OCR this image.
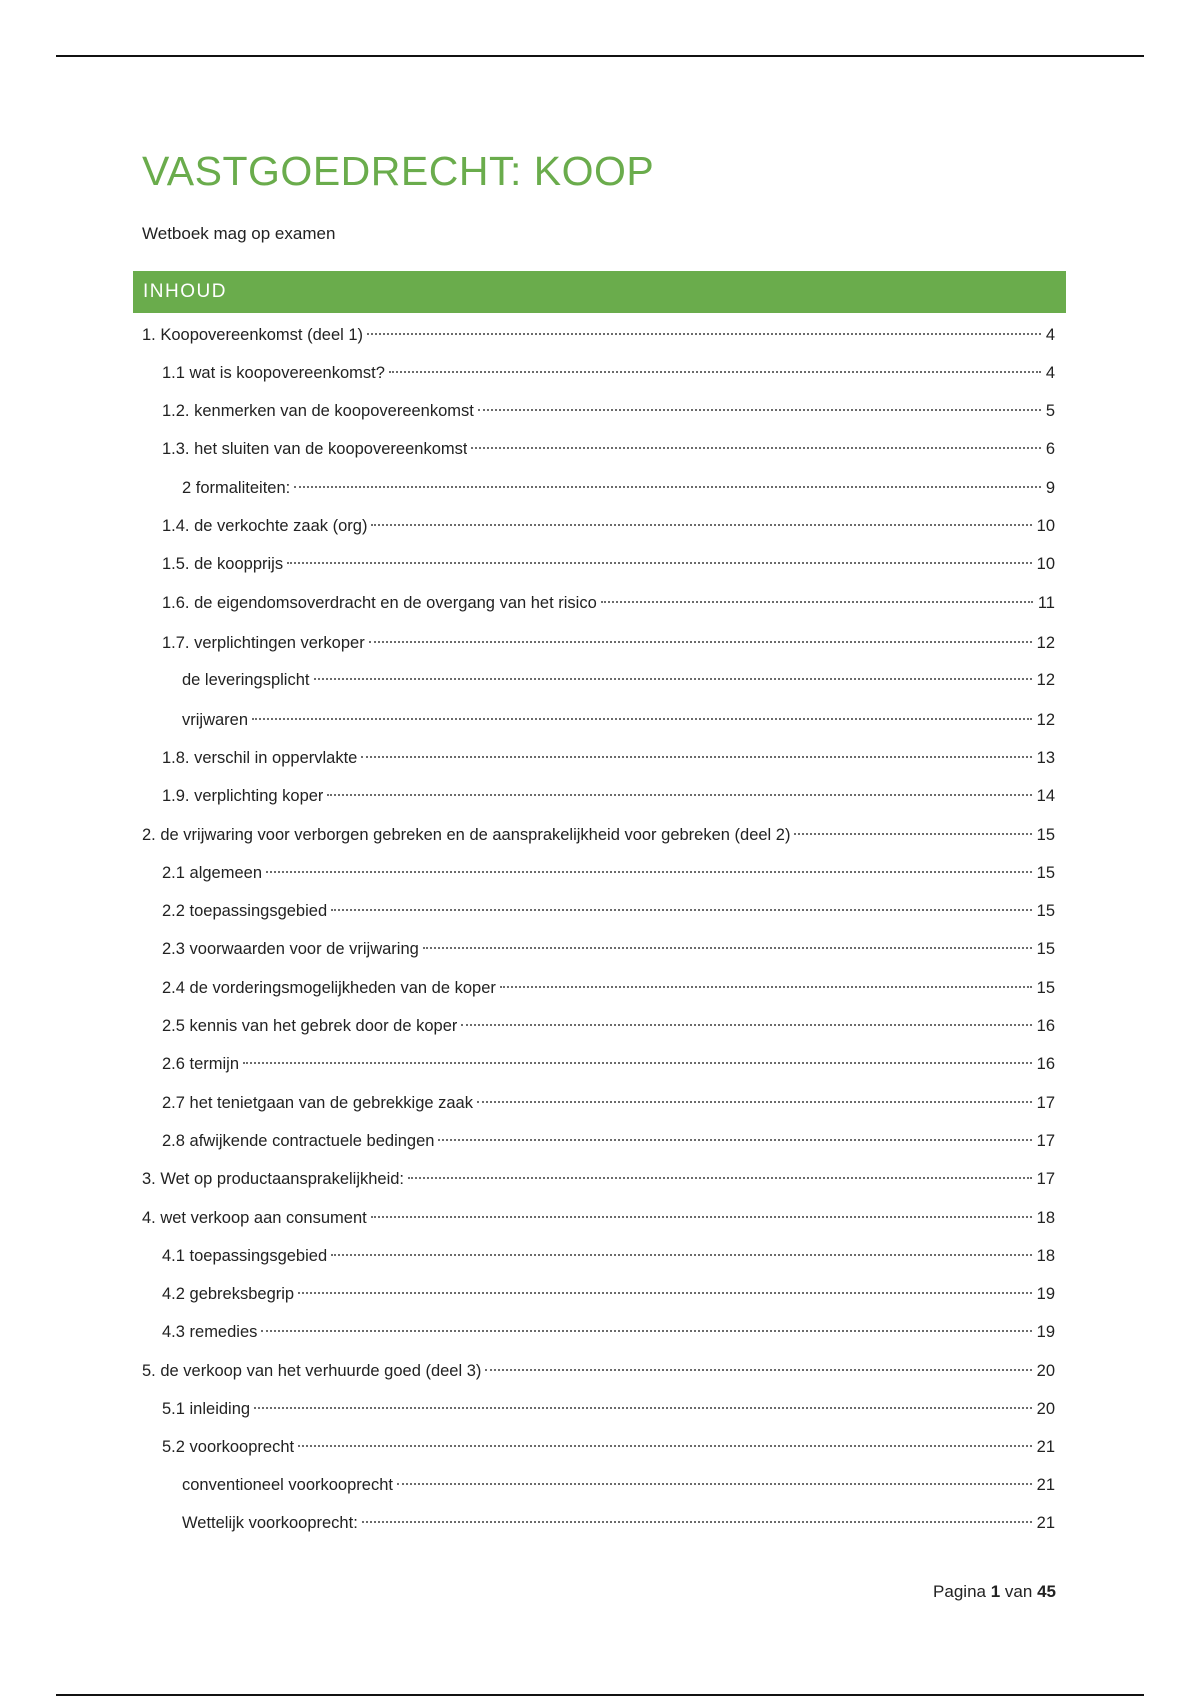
VASTGOEDRECHT: KOOP
Wetboek mag op examen
INHOUD
1. Koopovereenkomst (deel 1)	4
1.1 wat is koopovereenkomst?	4
1.2. kenmerken van de koopovereenkomst	5
1.3. het sluiten van de koopovereenkomst	6
2 formaliteiten:	9
1.4. de verkochte zaak (org)	10
1.5. de koopprijs	10
1.6. de eigendomsoverdracht en de overgang van het risico	11
1.7. verplichtingen verkoper	12
de leveringsplicht	12
vrijwaren	12
1.8. verschil in oppervlakte	13
1.9. verplichting koper	14
2. de vrijwaring voor verborgen gebreken en de aansprakelijkheid voor gebreken (deel 2)	15
2.1 algemeen	15
2.2 toepassingsgebied	15
2.3 voorwaarden voor de vrijwaring	15
2.4 de vorderingsmogelijkheden van de koper	15
2.5 kennis van het gebrek door de koper	16
2.6 termijn	16
2.7 het tenietgaan van de gebrekkige zaak	17
2.8 afwijkende contractuele bedingen	17
3. Wet op productaansprakelijkheid:	17
4. wet verkoop aan consument	18
4.1 toepassingsgebied	18
4.2 gebreksbegrip	19
4.3 remedies	19
5. de verkoop van het verhuurde goed (deel 3)	20
5.1 inleiding	20
5.2 voorkooprecht	21
conventioneel voorkooprecht	21
Wettelijk voorkooprecht:	21
Pagina 1 van 45
